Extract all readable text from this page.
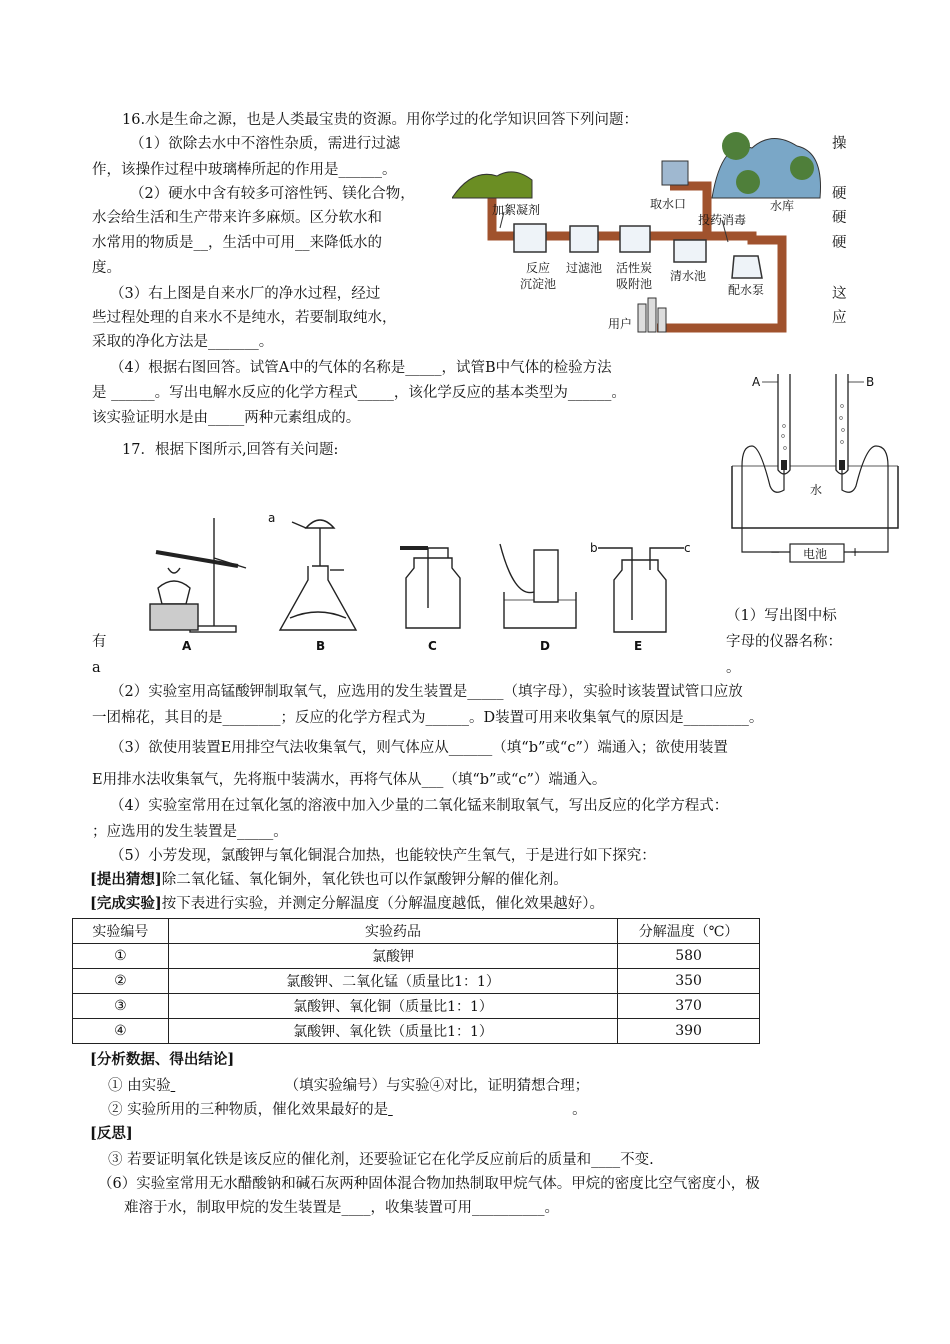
16.水是生命之源，也是人类最宝贵的资源。用你学过的化学知识回答下列问题：
（1）欲除去水中不溶性杂质，需进行过滤
作，该操作过程中玻璃棒所起的作用是______。
操
（2）硬水中含有较多可溶性钙、镁化合物，
水会给生活和生产带来许多麻烦。区分软水和
水常用的物质是__，生活中可用__来降低水的
度。
硬
硬
硬
（3）右上图是自来水厂的净水过程，经过
些过程处理的自来水不是纯水，若要制取纯水，
采取的净化方法是_______。
这
应
（4）根据右图回答。试管A中的气体的名称是_____，试管B中气体的检验方法
是 ______。写出电解水反应的化学方程式_____，该化学反应的基本类型为______。
该实验证明水是由_____两种元素组成的。
加絮凝剂	取水口	水库
投药消毒
反应
沉淀池
过滤池 活性炭
吸附池
清水池
配水泵
用户
电池
−	+
A	B
水
17．根据下图所示,回答有关问题:
a
b	c
A	B	C	D	E
（1）写出图中标
字母的仪器名称：
。
有
a
（2）实验室用高锰酸钾制取氧气，应选用的发生装置是_____（填字母），实验时该装置试管口应放
一团棉花，其目的是________；反应的化学方程式为______。D装置可用来收集氧气的原因是_________。
（3）欲使用装置E用排空气法收集氧气，则气体应从______（填“b”或“c”）端通入；欲使用装置
E用排水法收集氧气，先将瓶中装满水，再将气体从___（填“b”或“c”）端通入。
（4）实验室常用在过氧化氢的溶液中加入少量的二氧化锰来制取氧气，写出反应的化学方程式：
；应选用的发生装置是_____。
（5）小芳发现，氯酸钾与氧化铜混合加热，也能较快产生氧气，于是进行如下探究：
[提出猜想]除二氧化锰、氧化铜外，氧化铁也可以作氯酸钾分解的催化剂。
[完成实验]按下表进行实验，并测定分解温度（分解温度越低，催化效果越好）。
实验编号	实验药品	分解温度（℃）
①	氯酸钾	580
②	氯酸钾、二氧化锰（质量比1：1）	350
③	氯酸钾、氧化铜（质量比1：1）	370
④	氯酸钾、氧化铁（质量比1：1）	390
[分析数据、得出结论]
① 由实验	（填实验编号）与实验④对比，证明猜想合理；
② 实验所用的三种物质，催化效果最好的是	。
[反思]
③ 若要证明氧化铁是该反应的催化剂，还要验证它在化学反应前后的质量和____不变.
（6）实验室常用无水醋酸钠和碱石灰两种固体混合物加热制取甲烷气体。甲烷的密度比空气密度小，极
难溶于水，制取甲烷的发生装置是____，收集装置可用__________。
